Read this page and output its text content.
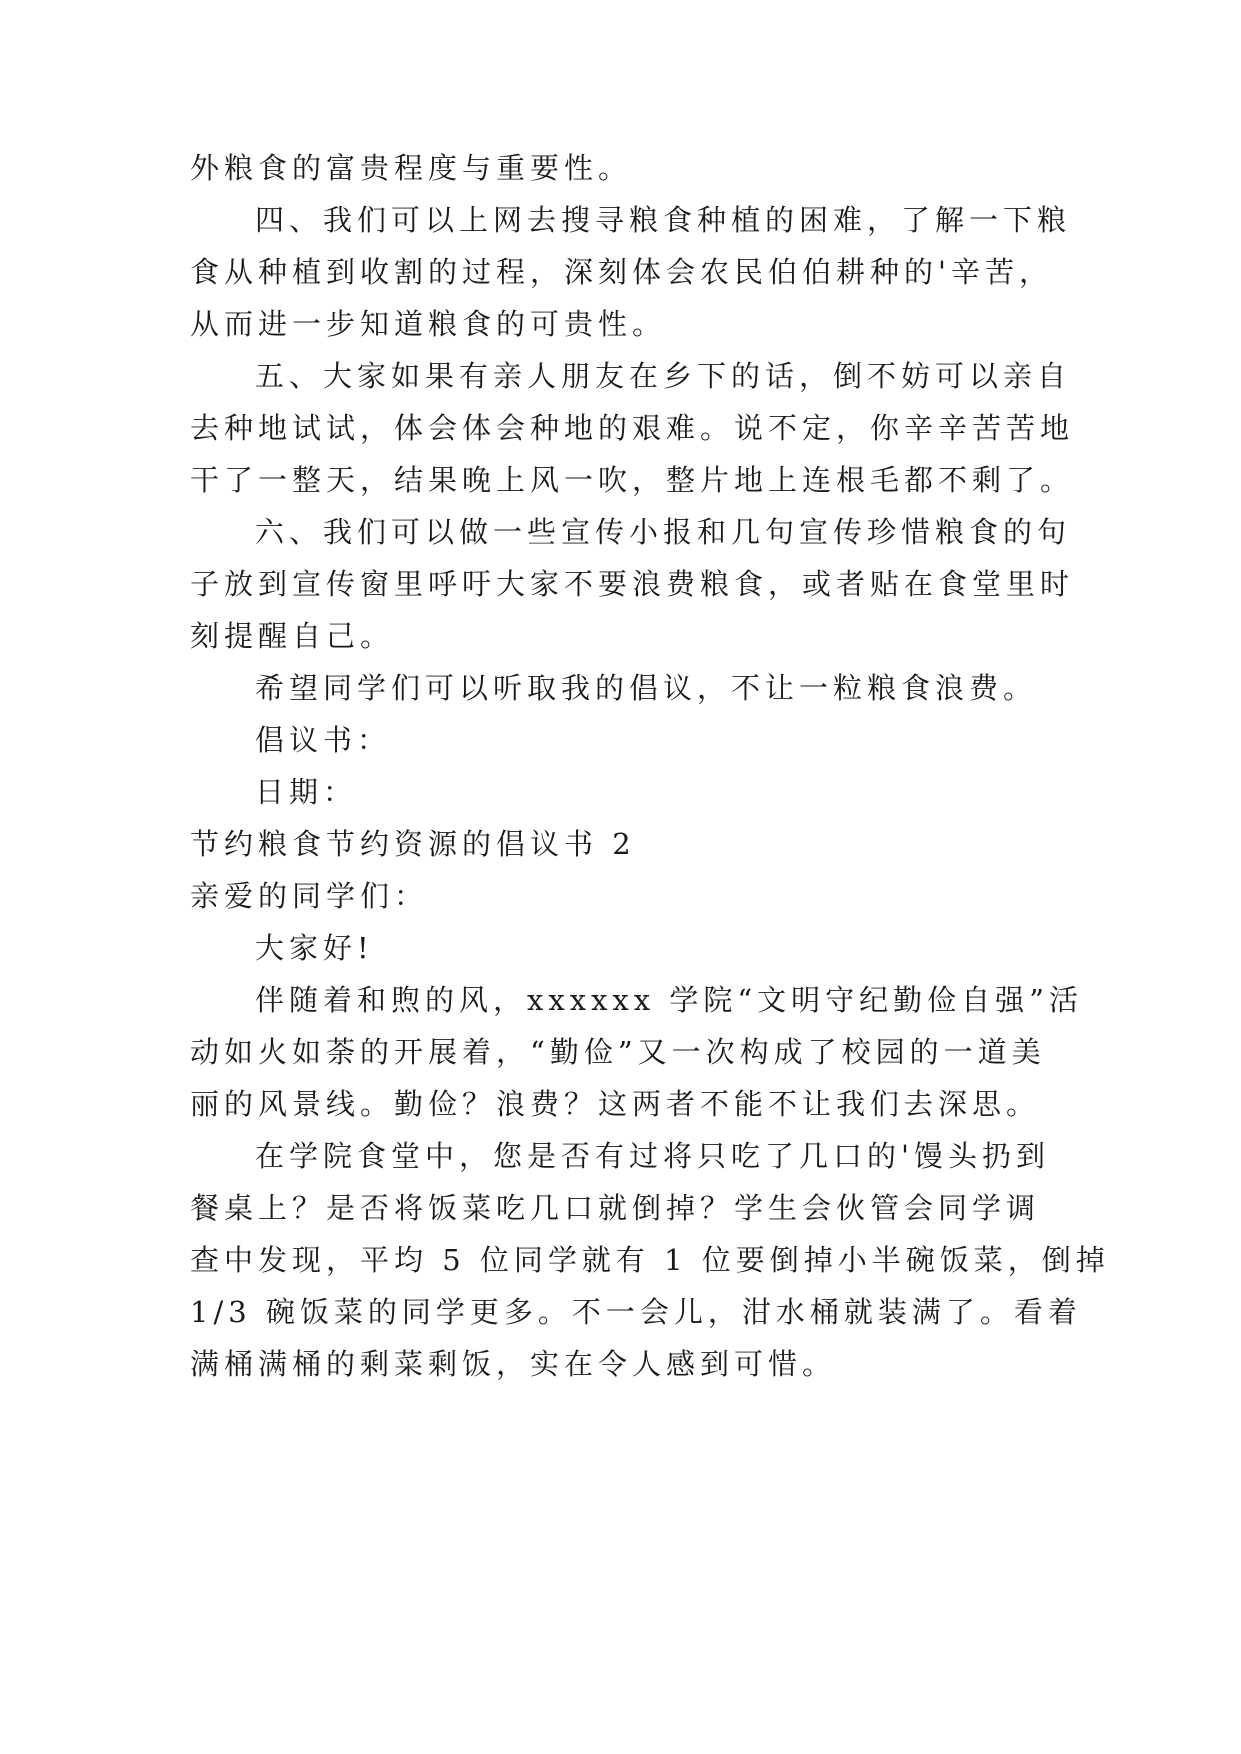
外粮食的富贵程度与重要性。
四、我们可以上网去搜寻粮食种植的困难，了解一下粮
食从种植到收割的过程，深刻体会农民伯伯耕种的'辛苦，
从而进一步知道粮食的可贵性。
五、大家如果有亲人朋友在乡下的话，倒不妨可以亲自
去种地试试，体会体会种地的艰难。说不定，你辛辛苦苦地
干了一整天，结果晚上风一吹，整片地上连根毛都不剩了。
六、我们可以做一些宣传小报和几句宣传珍惜粮食的句
子放到宣传窗里呼吁大家不要浪费粮食，或者贴在食堂里时
刻提醒自己。
希望同学们可以听取我的倡议，不让一粒粮食浪费。
倡议书：
日期：
节约粮食节约资源的倡议书 2
亲爱的同学们：
大家好!
伴随着和煦的风，xxxxxx 学院“文明守纪勤俭自强”活
动如火如荼的开展着，“勤俭”又一次构成了校园的一道美
丽的风景线。勤俭？浪费？这两者不能不让我们去深思。
在学院食堂中，您是否有过将只吃了几口的'馒头扔到
餐桌上？是否将饭菜吃几口就倒掉？学生会伙管会同学调
查中发现，平均 5 位同学就有 1 位要倒掉小半碗饭菜，倒掉
1/3 碗饭菜的同学更多。不一会儿，泔水桶就装满了。看着
满桶满桶的剩菜剩饭，实在令人感到可惜。
